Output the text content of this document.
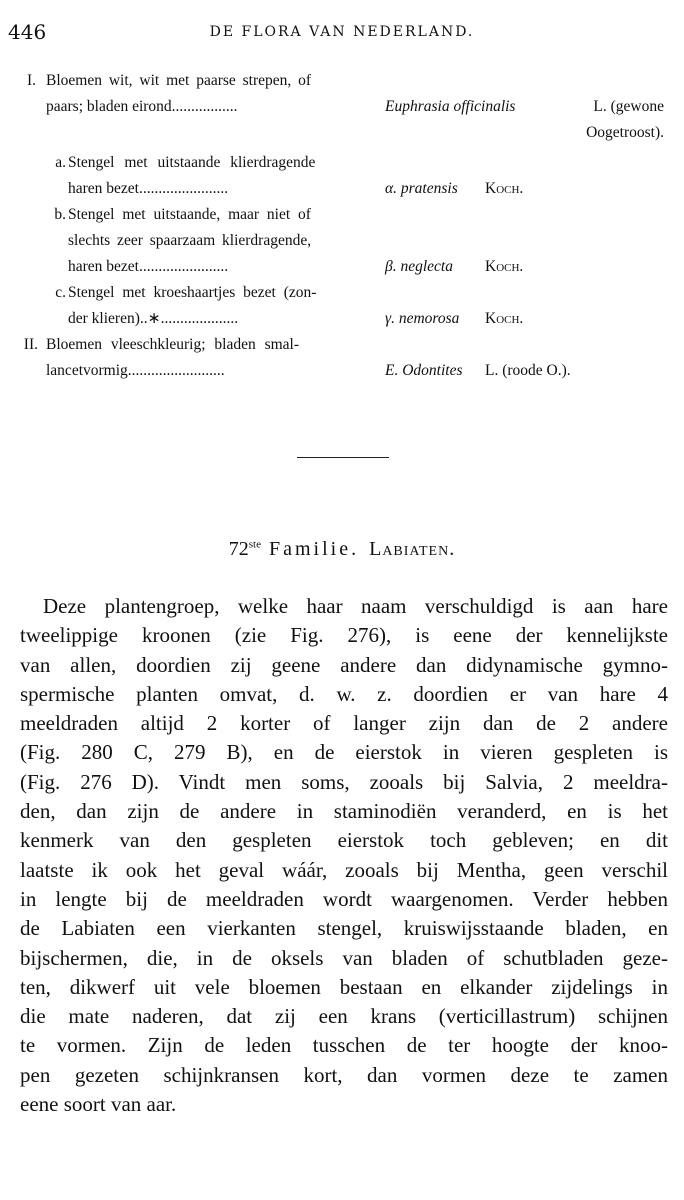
446	DE FLORA VAN NEDERLAND.
I. Bloemen wit, wit met paarse strepen, of
paars; bladen eirond.................	Euphrasia officinalis	L. (gewone
Oogetroost).
a. Stengel met uitstaande klierdragende
haren bezet.......................	α. pratensis Koch.
b. Stengel met uitstaande, maar niet of
slechts zeer spaarzaam klierdragende,
haren bezet.......................	β. neglecta Koch.
c. Stengel met kroeshaartjes bezet (zon-
der klieren)..∗....................	γ. nemorosa Koch.
II. Bloemen vleeschkleurig; bladen smal-
lancetvormig.........................	E. Odontites L. (roode O.).
72ste Familie. Labiaten.
Deze plantengroep, welke haar naam verschuldigd is aan hare
tweelippige kroonen (zie Fig. 276), is eene der kennelijkste
van allen, doordien zij geene andere dan didynamische gymno-
spermische planten omvat, d. w. z. doordien er van hare 4
meeldraden altijd 2 korter of langer zijn dan de 2 andere
(Fig. 280 C, 279 B), en de eierstok in vieren gespleten is
(Fig. 276 D). Vindt men soms, zooals bij Salvia, 2 meeldra-
den, dan zijn de andere in staminodiën veranderd, en is het
kenmerk van den gespleten eierstok toch gebleven; en dit
laatste ik ook het geval wáár, zooals bij Mentha, geen verschil
in lengte bij de meeldraden wordt waargenomen. Verder hebben
de Labiaten een vierkanten stengel, kruiswijsstaande bladen, en
bijschermen, die, in de oksels van bladen of schutbladen geze-
ten, dikwerf uit vele bloemen bestaan en elkander zijdelings in
die mate naderen, dat zij een krans (verticillastrum) schijnen
te vormen. Zijn de leden tusschen de ter hoogte der knoo-
pen gezeten schijnkransen kort, dan vormen deze te zamen
eene soort van aar.
